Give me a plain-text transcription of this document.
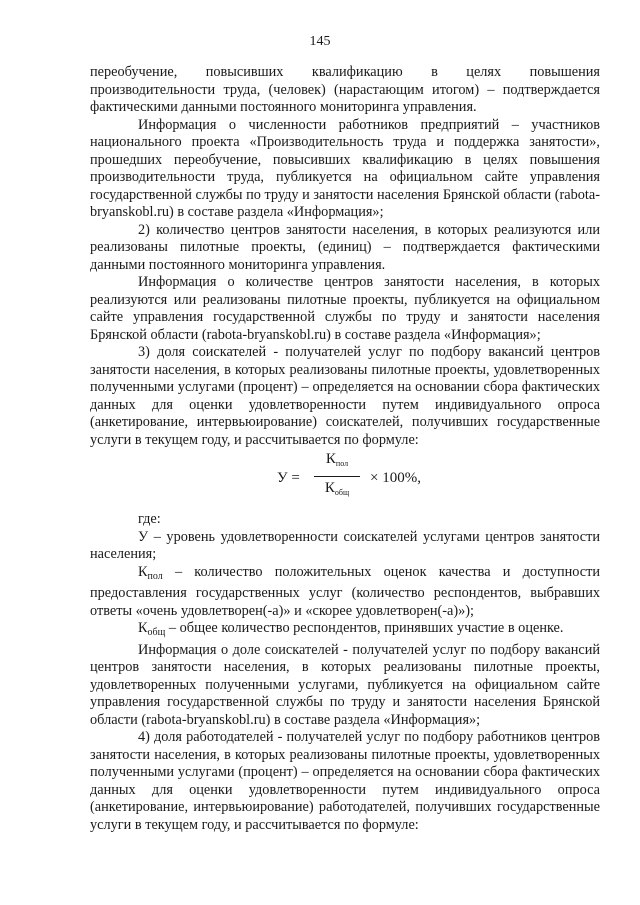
145

переобучение, повысивших квалификацию в целях повышения производительности труда, (человек) (нарастающим итогом) – подтверждается фактическими данными постоянного мониторинга управления.

Информация о численности работников предприятий – участников национального проекта «Производительность труда и поддержка занятости», прошедших переобучение, повысивших квалификацию в целях повышения производительности труда, публикуется на официальном сайте управления государственной службы по труду и занятости населения Брянской области (rabota-bryanskobl.ru) в составе раздела «Информация»;

2) количество центров занятости населения, в которых реализуются или реализованы пилотные проекты, (единиц) – подтверждается фактическими данными постоянного мониторинга управления.

Информация о количестве центров занятости населения, в которых реализуются или реализованы пилотные проекты, публикуется на официальном сайте управления государственной службы по труду и занятости населения Брянской области (rabota-bryanskobl.ru) в составе раздела «Информация»;

3) доля соискателей - получателей услуг по подбору вакансий центров занятости населения, в которых реализованы пилотные проекты, удовлетворенных полученными услугами (процент) – определяется на основании сбора фактических данных для оценки удовлетворенности путем индивидуального опроса (анкетирование, интервьюирование) соискателей, получивших государственные услуги в текущем году, и рассчитывается по формуле:

У =
$К_{пол}$
$К_{общ}$
× 100%,

где:

У – уровень удовлетворенности соискателей услугами центров занятости населения;

$К_{пол}$ – количество положительных оценок качества и доступности предоставления государственных услуг (количество респондентов, выбравших ответы «очень удовлетворен(-а)» и «скорее удовлетворен(-а)»);

$К_{общ}$ – общее количество респондентов, принявших участие в оценке.

Информация о доле соискателей - получателей услуг по подбору вакансий центров занятости населения, в которых реализованы пилотные проекты, удовлетворенных полученными услугами, публикуется на официальном сайте управления государственной службы по труду и занятости населения Брянской области (rabota-bryanskobl.ru) в составе раздела «Информация»;

4) доля работодателей - получателей услуг по подбору работников центров занятости населения, в которых реализованы пилотные проекты, удовлетворенных полученными услугами (процент) – определяется на основании сбора фактических данных для оценки удовлетворенности путем индивидуального опроса (анкетирование, интервьюирование) работодателей, получивших государственные услуги в текущем году, и рассчитывается по формуле:
